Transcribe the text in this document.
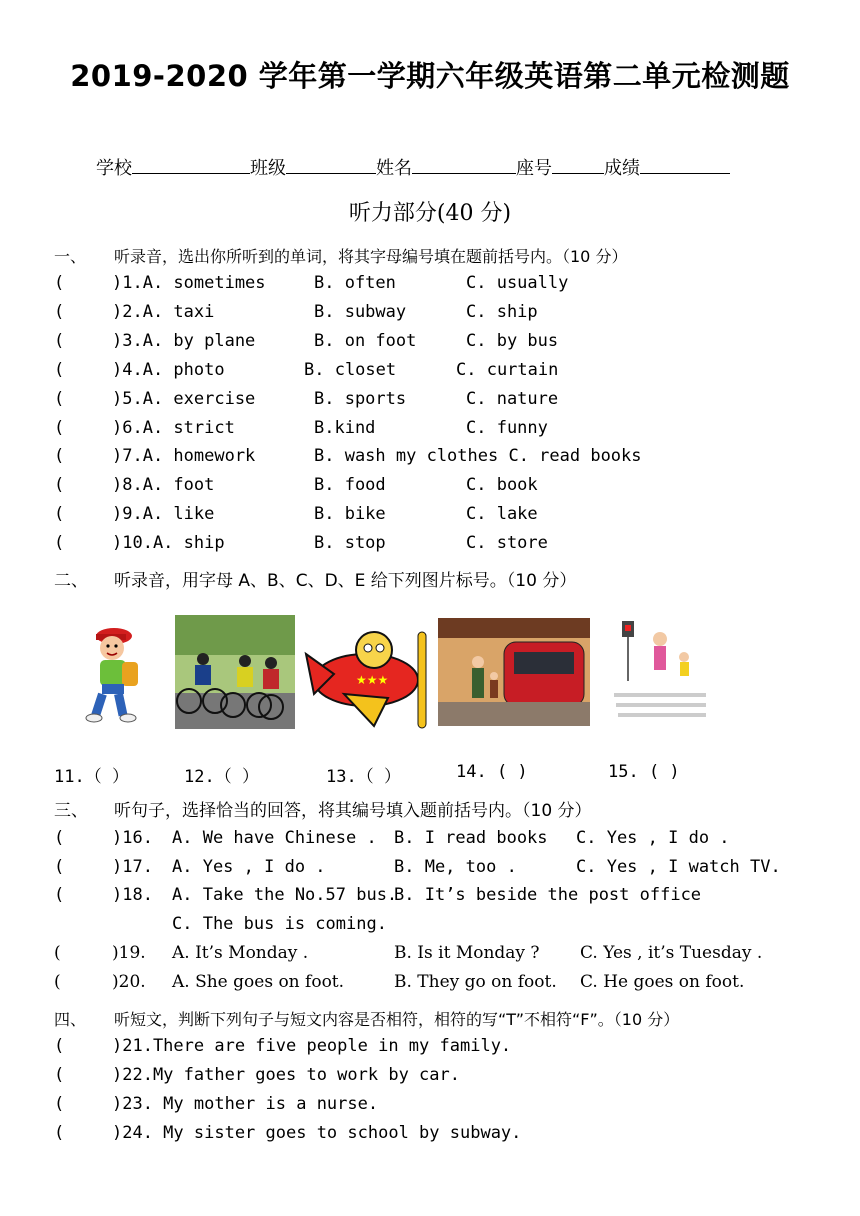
2019-2020 学年第一学期六年级英语第二单元检测题
学校	班级	姓名	座号	成绩
听力部分(40 分)
一、 听录音，选出你所听到的单词，将其字母编号填在题前括号内。（10 分）
(	)1.A. sometimes	B. often	C. usually
(	)2.A. taxi	B. subway	C. ship
(	)3.A. by plane	B. on foot	C. by bus
(	)4.A. photo	B. closet	C. curtain
(	)5.A. exercise	B. sports	C. nature
(	)6.A. strict	B.kind	C. funny
(	)7.A. homework	B. wash my clothes C. read books
(	)8.A. foot	B. food	C. book
(	)9.A. like	B. bike	C. lake
(	)10.A. ship	B. stop	C. store
二、 听录音，用字母 A、B、C、D、E 给下列图片标号。（10 分）
★★★
11.（ ）	12.（ ）	13.（ ）	14. ( )	15. ( )
三、 听句子，选择恰当的回答，将其编号填入题前括号内。（10 分）
(	)16. A. We have Chinese . B. I read books C. Yes , I do .
(	)17. A. Yes , I do .	B. Me, too .	C. Yes , I watch TV.
(	)18. A. Take the No.57 bus.
B. It’s beside the post office
C. The bus is coming.
(	)19. A. It’s Monday .	B. Is it Monday ? C. Yes , it’s Tuesday .
(	)20. A. She goes on foot.	B. They go on foot. C. He goes on foot.
四、 听短文，判断下列句子与短文内容是否相符，相符的写“T”不相符“F”。（10 分）
(	)21.There are five people in my family.
(	)22.My father goes to work by car.
(	)23. My mother is a nurse.
(	)24. My sister goes to school by subway.
